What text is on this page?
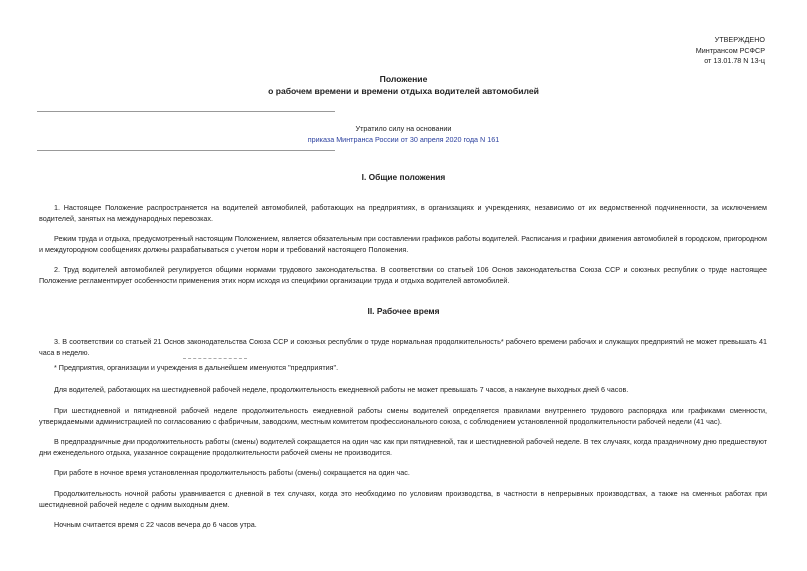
УТВЕРЖДЕНО
Минтрансом РСФСР
от 13.01.78 N 13-ц
Положение
о рабочем времени и времени отдыха водителей автомобилей
Утратило силу на основании
приказа Минтранса России от 30 апреля 2020 года N 161
I. Общие положения
1. Настоящее Положение распространяется на водителей автомобилей, работающих на предприятиях, в организациях и учреждениях, независимо от их ведомственной подчиненности, за исключением водителей, занятых на международных перевозках.
Режим труда и отдыха, предусмотренный настоящим Положением, является обязательным при составлении графиков работы водителей. Расписания и графики движения автомобилей в городском, пригородном и междугородном сообщениях должны разрабатываться с учетом норм и требований настоящего Положения.
2. Труд водителей автомобилей регулируется общими нормами трудового законодательства. В соответствии со статьей 106 Основ законодательства Союза ССР и союзных республик о труде настоящее Положение регламентирует особенности применения этих норм исходя из специфики организации труда и отдыха водителей автомобилей.
II. Рабочее время
3. В соответствии со статьей 21 Основ законодательства Союза ССР и союзных республик о труде нормальная продолжительность* рабочего времени рабочих и служащих предприятий не может превышать 41 часа в неделю.
* Предприятия, организации и учреждения в дальнейшем именуются "предприятия".
Для водителей, работающих на шестидневной рабочей неделе, продолжительность ежедневной работы не может превышать 7 часов, а накануне выходных дней 6 часов.
При шестидневной и пятидневной рабочей неделе продолжительность ежедневной работы смены водителей определяется правилами внутреннего трудового распорядка или графиками сменности, утверждаемыми администрацией по согласованию с фабричным, заводским, местным комитетом профессионального союза, с соблюдением установленной продолжительности рабочей недели (41 час).
В предпраздничные дни продолжительность работы (смены) водителей сокращается на один час как при пятидневной, так и шестидневной рабочей неделе. В тех случаях, когда праздничному дню предшествуют дни еженедельного отдыха, указанное сокращение продолжительности рабочей смены не производится.
При работе в ночное время установленная продолжительность работы (смены) сокращается на один час.
Продолжительность ночной работы уравнивается с дневной в тех случаях, когда это необходимо по условиям производства, в частности в непрерывных производствах, а также на сменных работах при шестидневной рабочей неделе с одним выходным днем.
Ночным считается время с 22 часов вечера до 6 часов утра.
